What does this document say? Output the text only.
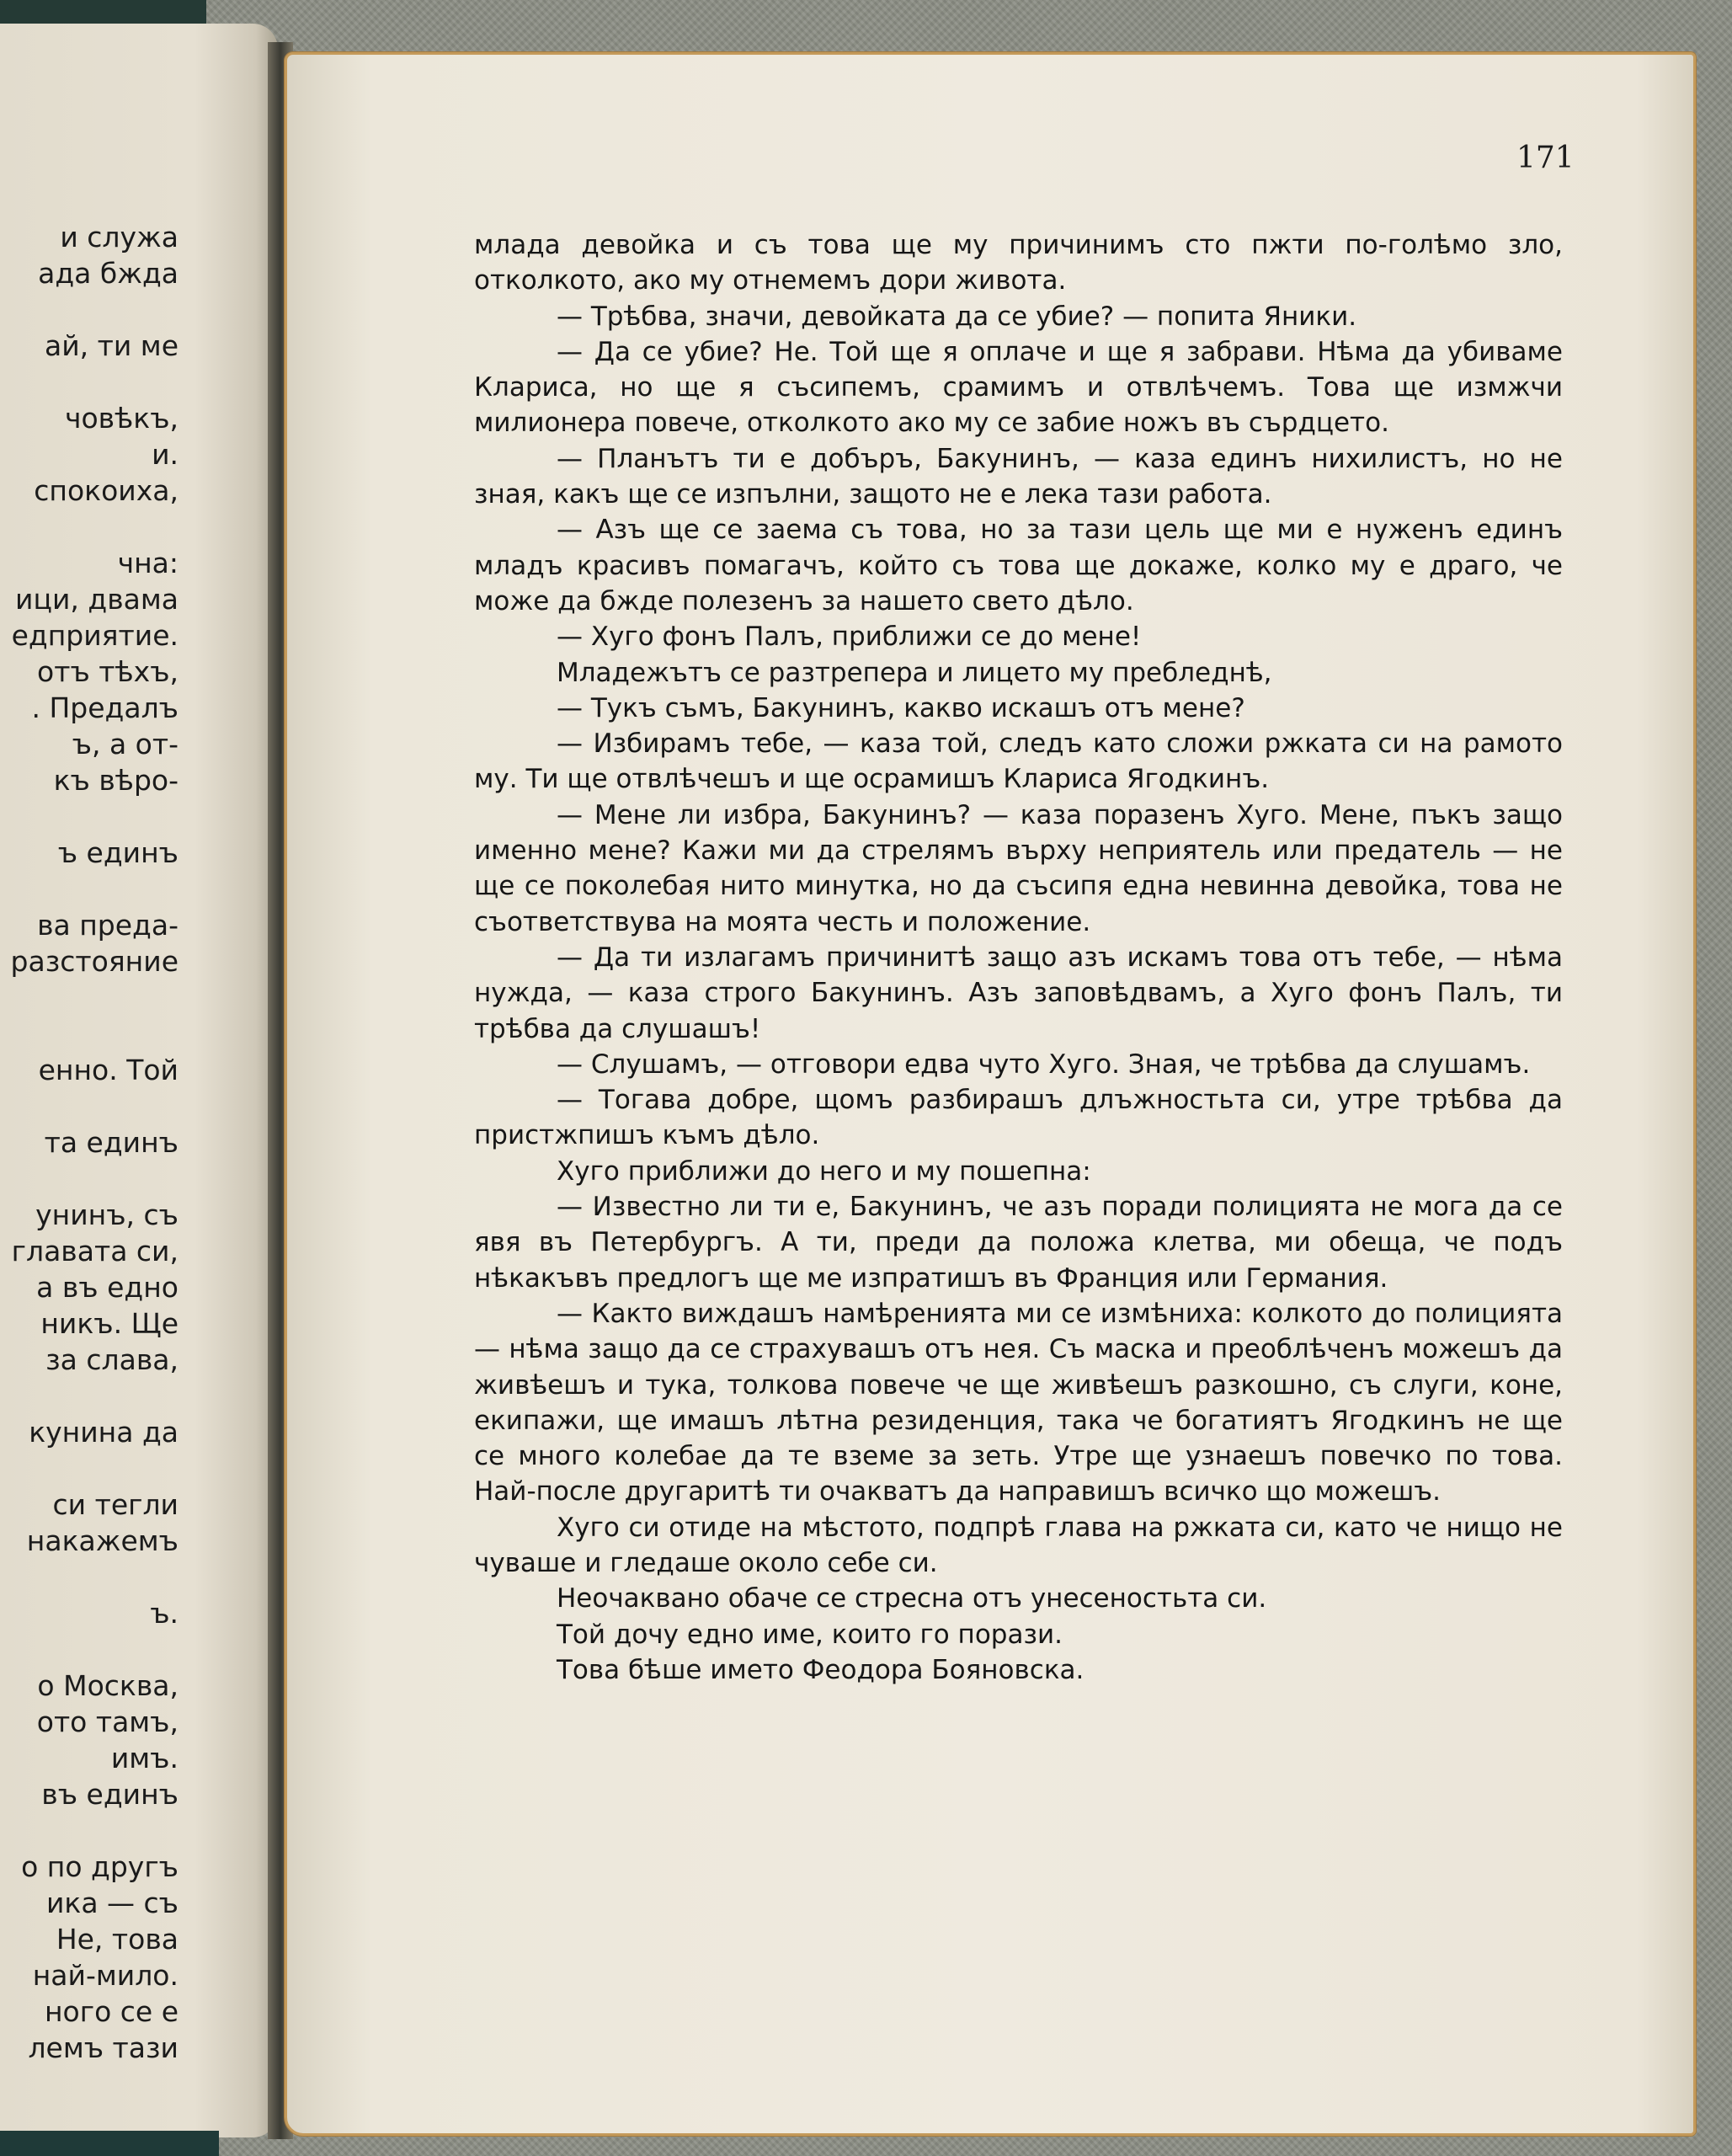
и служа
ада бжда
ай, ти ме
човѣкъ,
и.
спокоиха,
чна:
ици, двама
едприятие.
отъ тѣхъ,
. Предалъ
ъ, а от-
къ вѣро-
ъ единъ
ва преда-
разстояние
енно. Той
та единъ
унинъ, съ
главата си,
а въ едно
никъ. Ще
за слава,
кунина да
си тегли
накажемъ
ъ.
о Москва,
ото тамъ,
имъ.
въ единъ
о по другъ
ика — съ
Не, това
най-мило.
ного се е
лемъ тази
171

млада девойка и съ това ще му причинимъ сто пжти по-голѣмо зло, отколкото, ако му отнемемъ дори живота.

— Трѣбва, значи, девойката да се убие? — попита Яники.

— Да се убие? Не. Той ще я оплаче и ще я забрави. Нѣма да убиваме Клариса, но ще я съсипемъ, срамимъ и отвлѣчемъ. Това ще измжчи милионера повече, отколкото ако му се забие ножъ въ сърдцето.

— Планътъ ти е добъръ, Бакунинъ, — каза единъ нихилистъ, но не зная, какъ ще се изпълни, защото не е лека тази работа.

— Азъ ще се заема съ това, но за тази цель ще ми е нуженъ единъ младъ красивъ помагачъ, който съ това ще докаже, колко му е драго, че може да бжде полезенъ за нашето свето дѣло.

— Хуго фонъ Палъ, приближи се до мене!

Младежътъ се разтрепера и лицето му пребледнѣ,

— Тукъ съмъ, Бакунинъ, какво искашъ отъ мене?

— Избирамъ тебе, — каза той, следъ като сложи ржката си на рамото му. Ти ще отвлѣчешъ и ще осрамишъ Клариса Ягодкинъ.

— Мене ли избра, Бакунинъ? — каза поразенъ Хуго. Мене, пъкъ защо именно мене? Кажи ми да стрелямъ върху неприятель или предатель — не ще се поколебая нито минутка, но да съсипя една невинна девойка, това не съответствува на моята честь и положение.

— Да ти излагамъ причинитѣ защо азъ искамъ това отъ тебе, — нѣма нужда, — каза строго Бакунинъ. Азъ заповѣдвамъ, а Хуго фонъ Палъ, ти трѣбва да слушашъ!

— Слушамъ, — отговори едва чуто Хуго. Зная, че трѣбва да слушамъ.

— Тогава добре, щомъ разбирашъ длъжностьта си, утре трѣбва да пристжпишъ къмъ дѣло.

Хуго приближи до него и му пошепна:

— Известно ли ти е, Бакунинъ, че азъ поради полицията не мога да се явя въ Петербургъ. А ти, преди да положа клетва, ми обеща, че подъ нѣкакъвъ предлогъ ще ме изпратишъ въ Франция или Германия.

— Както виждашъ намѣренията ми се измѣниха: колкото до полицията — нѣма защо да се страхувашъ отъ нея. Съ маска и преоблѣченъ можешъ да живѣешъ и тука, толкова повече че ще живѣешъ разкошно, съ слуги, коне, екипажи, ще имашъ лѣтна резиденция, така че богатиятъ Ягодкинъ не ще се много колебае да те вземе за зеть. Утре ще узнаешъ повечко по това. Най-после другаритѣ ти очакватъ да направишъ всичко що можешъ.

Хуго си отиде на мѣстото, подпрѣ глава на ржката си, като че нищо не чуваше и гледаше около себе си.

Неочаквано обаче се стресна отъ унесеностьта си.

Той дочу едно име, които го порази.

Това бѣше името Феодора Бояновска.
